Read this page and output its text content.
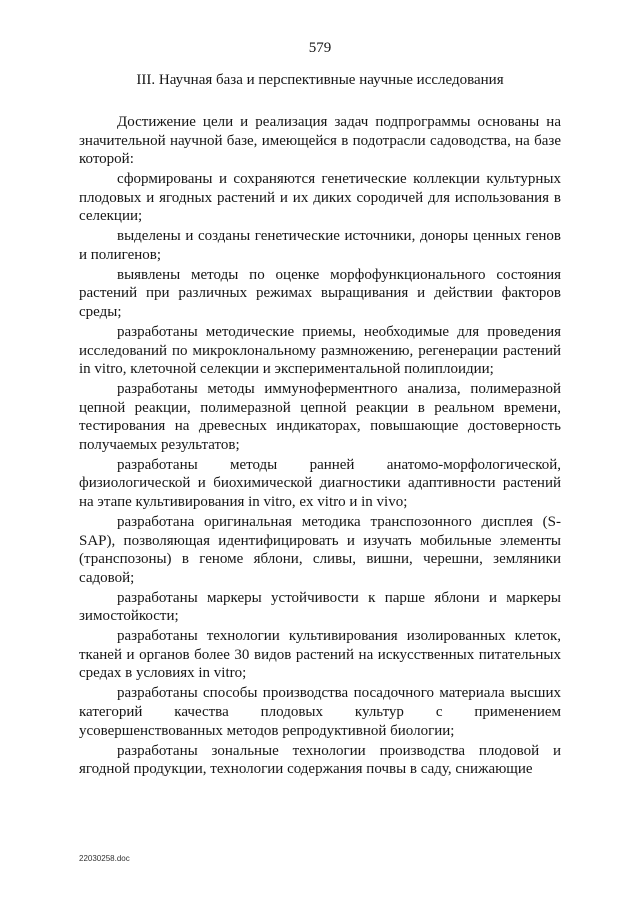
579
III. Научная база и перспективные научные исследования

Достижение цели и реализация задач подпрограммы основаны на значительной научной базе, имеющейся в подотрасли садоводства, на базе которой:

сформированы и сохраняются генетические коллекции культурных плодовых и ягодных растений и их диких сородичей для использования в селекции;

выделены и созданы генетические источники, доноры ценных генов и полигенов;

выявлены методы по оценке морфофункционального состояния растений при различных режимах выращивания и действии факторов среды;

разработаны методические приемы, необходимые для проведения исследований по микроклональному размножению, регенерации растений in vitro, клеточной селекции и экспериментальной полиплоидии;

разработаны методы иммуноферментного анализа, полимеразной цепной реакции, полимеразной цепной реакции в реальном времени, тестирования на древесных индикаторах, повышающие достоверность получаемых результатов;

разработаны методы ранней анатомо-морфологической, физиологической и биохимической диагностики адаптивности растений на этапе культивирования in vitro, ex vitro и in vivo;

разработана оригинальная методика транспозонного дисплея (S-SAP), позволяющая идентифицировать и изучать мобильные элементы (транспозоны) в геноме яблони, сливы, вишни, черешни, земляники садовой;

разработаны маркеры устойчивости к парше яблони и маркеры зимостойкости;

разработаны технологии культивирования изолированных клеток, тканей и органов более 30 видов растений на искусственных питательных средах в условиях in vitro;

разработаны способы производства посадочного материала высших категорий качества плодовых культур с применением усовершенствованных методов репродуктивной биологии;

разработаны зональные технологии производства плодовой и ягодной продукции, технологии содержания почвы в саду, снижающие

22030258.doc
